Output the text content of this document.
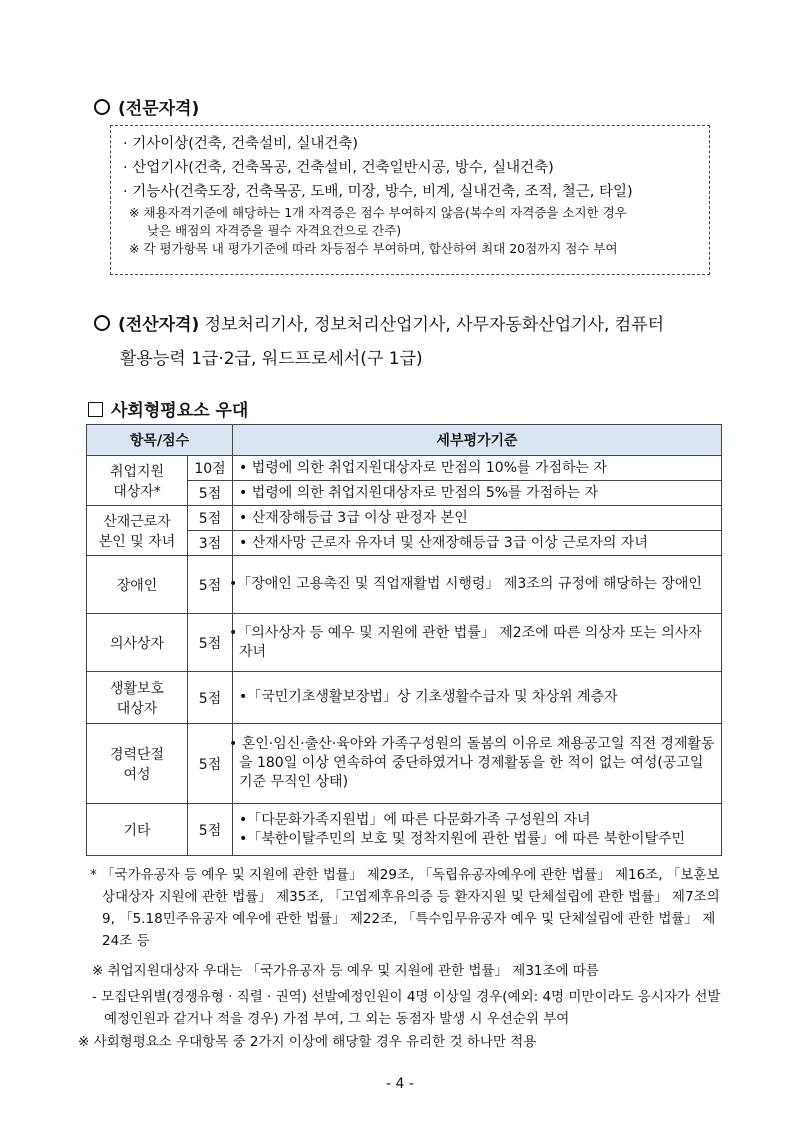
(전문자격)
· 기사이상(건축, 건축설비, 실내건축)
· 산업기사(건축, 건축목공, 건축설비, 건축일반시공, 방수, 실내건축)
· 기능사(건축도장, 건축목공, 도배, 미장, 방수, 비계, 실내건축, 조적, 철근, 타일)
※ 채용자격기준에 해당하는 1개 자격증은 점수 부여하지 않음(복수의 자격증을 소지한 경우
낮은 배점의 자격증을 필수 자격요건으로 간주)
※ 각 평가항목 내 평가기준에 따라 차등점수 부여하며, 합산하여 최대 20점까지 점수 부여
(전산자격) 정보처리기사, 정보처리산업기사, 사무자동화산업기사, 컴퓨터
활용능력 1급·2급, 워드프로세서(구 1급)
사회형평요소 우대
항목/점수		세부평가기준
취업지원
대상자*	10점	• 법령에 의한 취업지원대상자로 만점의 10%를 가점하는 자
	5점	• 법령에 의한 취업지원대상자로 만점의 5%를 가점하는 자
산재근로자
본인 및 자녀	5점	• 산재장해등급 3급 이상 판정자 본인
	3점	• 산재사망 근로자 유자녀 및 산재장해등급 3급 이상 근로자의 자녀
장애인	5점	•「장애인 고용촉진 및 직업재활법 시행령」 제3조의 규정에 해당하는 장애인
의사상자	5점	•「의사상자 등 예우 및 지원에 관한 법률」 제2조에 따른 의상자 또는 의사자 자녀
생활보호
대상자	5점	•「국민기초생활보장법」상 기초생활수급자 및 차상위 계층자
경력단절
여성	5점	• 혼인·임신·출산·육아와 가족구성원의 돌봄의 이유로 채용공고일 직전 경제활동을 180일 이상 연속하여 중단하였거나 경제활동을 한 적이 없는 여성(공고일 기준 무직인 상태)
기타	5점	•「다문화가족지원법」에 따른 다문화가족 구성원의 자녀
•「북한이탈주민의 보호 및 정착지원에 관한 법률」에 따른 북한이탈주민
* 「국가유공자 등 예우 및 지원에 관한 법률」 제29조, 「독립유공자예우에 관한 법률」 제16조, 「보훈보상대상자 지원에 관한 법률」 제35조, 「고엽제후유의증 등 환자지원 및 단체설립에 관한 법률」 제7조의9, 「5.18민주유공자 예우에 관한 법률」 제22조, 「특수임무유공자 예우 및 단체설립에 관한 법률」 제24조 등
※ 취업지원대상자 우대는 「국가유공자 등 예우 및 지원에 관한 법률」 제31조에 따름
- 모집단위별(경쟁유형 · 직렬 · 권역) 선발예정인원이 4명 이상일 경우(예외: 4명 미만이라도 응시자가 선발예정인원과 같거나 적을 경우) 가점 부여, 그 외는 동점자 발생 시 우선순위 부여
※ 사회형평요소 우대항목 중 2가지 이상에 해당할 경우 유리한 것 하나만 적용
- 4 -
